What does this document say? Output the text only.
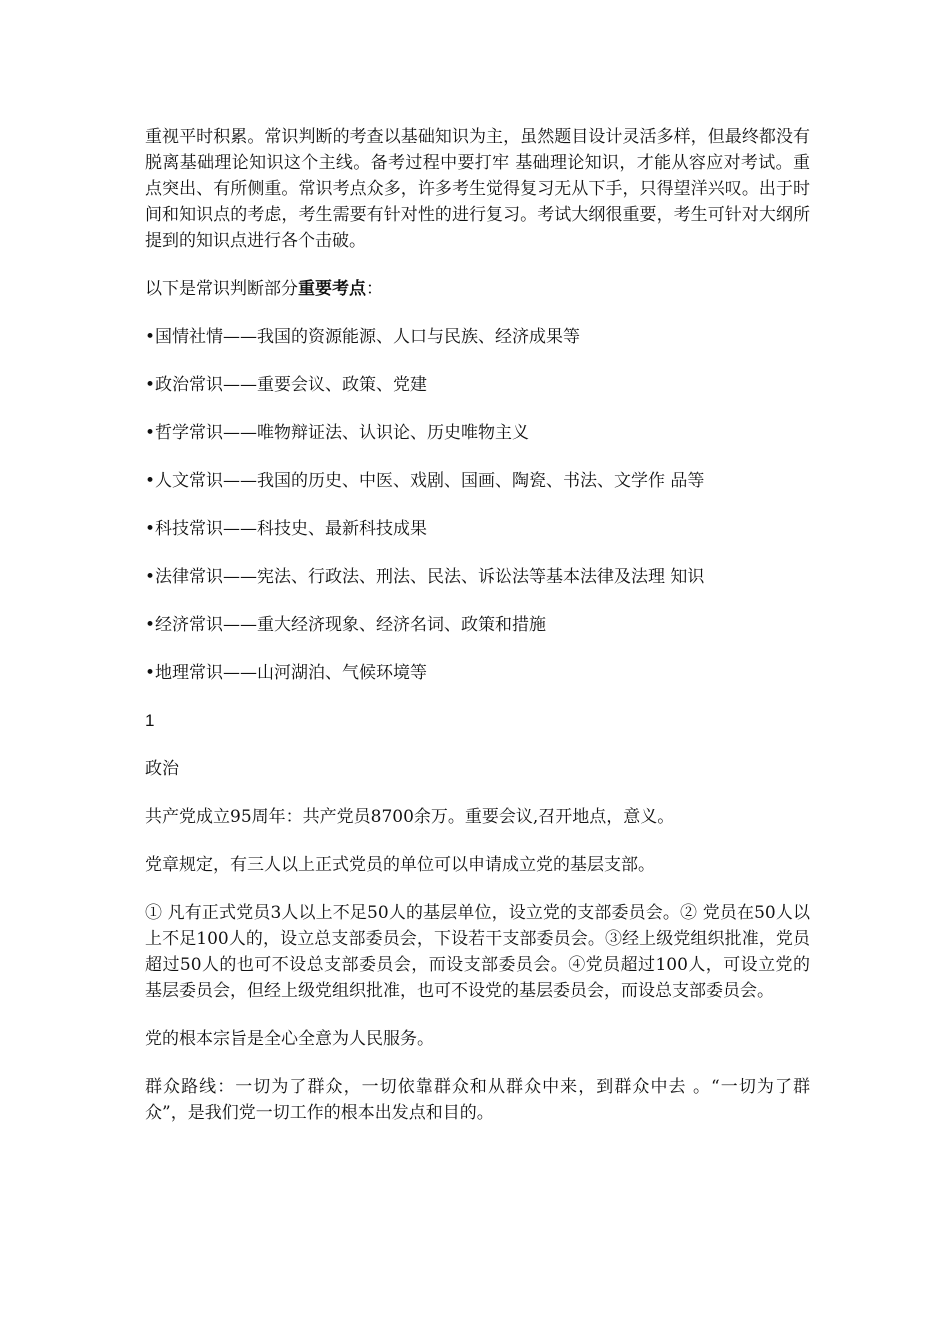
重视平时积累。常识判断的考查以基础知识为主，虽然题目设计灵活多样，但最终都没有脱离基础理论知识这个主线。备考过程中要打牢 基础理论知识，才能从容应对考试。重点突出、有所侧重。常识考点众多，许多考生觉得复习无从下手，只得望洋兴叹。出于时间和知识点的考虑，考生需要有针对性的进行复习。考试大纲很重要，考生可针对大纲所提到的知识点进行各个击破。

以下是常识判断部分重要考点：

•国情社情——我国的资源能源、人口与民族、经济成果等

•政治常识——重要会议、政策、党建

•哲学常识——唯物辩证法、认识论、历史唯物主义

•人文常识——我国的历史、中医、戏剧、国画、陶瓷、书法、文学作 品等

•科技常识——科技史、最新科技成果

•法律常识——宪法、行政法、刑法、民法、诉讼法等基本法律及法理 知识

•经济常识——重大经济现象、经济名词、政策和措施

•地理常识——山河湖泊、气候环境等

1

政治

共产党成立95周年：共产党员8700余万。重要会议,召开地点，意义。

党章规定，有三人以上正式党员的单位可以申请成立党的基层支部。

① 凡有正式党员3人以上不足50人的基层单位，设立党的支部委员会。② 党员在50人以上不足100人的，设立总支部委员会，下设若干支部委员会。③经上级党组织批准，党员超过50人的也可不设总支部委员会，而设支部委员会。④党员超过100人，可设立党的基层委员会，但经上级党组织批准，也可不设党的基层委员会，而设总支部委员会。

党的根本宗旨是全心全意为人民服务。

群众路线：一切为了群众，一切依靠群众和从群众中来，到群众中去 。“一切为了群众”，是我们党一切工作的根本出发点和目的。
